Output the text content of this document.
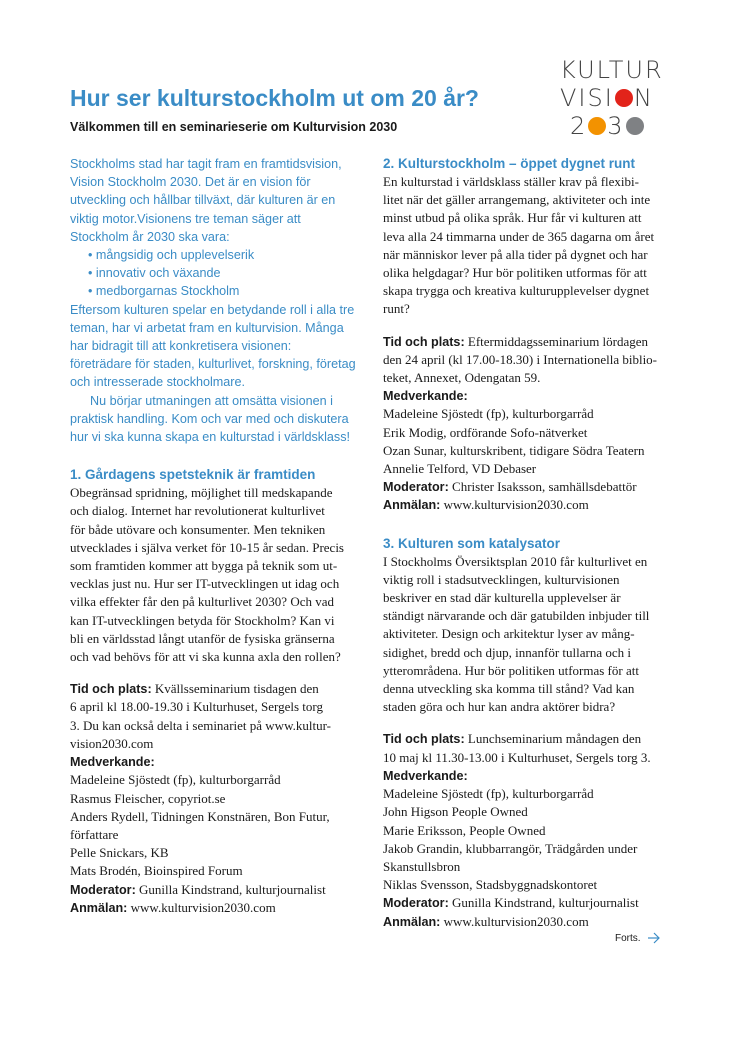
KULTUR
VISI N
2 3
Hur ser kulturstockholm ut om 20 år?

Välkommen till en seminarieserie om Kulturvision 2030

Stockholms stad har tagit fram en framtidsvision,
Vision Stockholm 2030. Det är en vision för
utveckling och hållbar tillväxt, där kulturen är en
viktig motor.Visionens tre teman säger att
Stockholm år 2030 ska vara:
• mångsidig och upplevelserik
• innovativ och växande
• medborgarnas Stockholm
Eftersom kulturen spelar en betydande roll i alla tre
teman, har vi arbetat fram en kulturvision. Många
har bidragit till att konkretisera visionen:
företrädare för staden, kulturlivet, forskning, företag
och intresserade stockholmare.
Nu börjar utmaningen att omsätta visionen i
praktisk handling. Kom och var med och diskutera
hur vi ska kunna skapa en kulturstad i världsklass!
1. Gårdagens spetsteknik är framtiden
Obegränsad spridning, möjlighet till medskapande
och dialog. Internet har revolutionerat kulturlivet
för både utövare och konsumenter. Men tekniken
utvecklades i själva verket för 10-15 år sedan. Precis
som framtiden kommer att bygga på teknik som ut-
vecklas just nu. Hur ser IT-utvecklingen ut idag och
vilka effekter får den på kulturlivet 2030? Och vad
kan IT-utvecklingen betyda för Stockholm? Kan vi
bli en världsstad långt utanför de fysiska gränserna
och vad behövs för att vi ska kunna axla den rollen?
Tid och plats: Kvällsseminarium tisdagen den
6 april kl 18.00-19.30 i Kulturhuset, Sergels torg
3. Du kan också delta i seminariet på www.kultur-
vision2030.com
Medverkande:
Madeleine Sjöstedt (fp), kulturborgarråd
Rasmus Fleischer, copyriot.se
Anders Rydell, Tidningen Konstnären, Bon Futur,
författare
Pelle Snickars, KB
Mats Brodén, Bioinspired Forum
Moderator: Gunilla Kindstrand, kulturjournalist
Anmälan: www.kulturvision2030.com
2. Kulturstockholm – öppet dygnet runt
En kulturstad i världsklass ställer krav på flexibi-
litet när det gäller arrangemang, aktiviteter och inte
minst utbud på olika språk. Hur får vi kulturen att
leva alla 24 timmarna under de 365 dagarna om året
när människor lever på alla tider på dygnet och har
olika helgdagar? Hur bör politiken utformas för att
skapa trygga och kreativa kulturupplevelser dygnet
runt?
Tid och plats: Eftermiddagsseminarium lördagen
den 24 april (kl 17.00-18.30) i Internationella biblio-
teket, Annexet, Odengatan 59.
Medverkande:
Madeleine Sjöstedt (fp), kulturborgarråd
Erik Modig, ordförande Sofo-nätverket
Ozan Sunar, kulturskribent, tidigare Södra Teatern
Annelie Telford, VD Debaser
Moderator: Christer Isaksson, samhällsdebattör
Anmälan: www.kulturvision2030.com
3. Kulturen som katalysator
I Stockholms Översiktsplan 2010 får kulturlivet en
viktig roll i stadsutvecklingen, kulturvisionen
beskriver en stad där kulturella upplevelser är
ständigt närvarande och där gatubilden inbjuder till
aktiviteter. Design och arkitektur lyser av mång-
sidighet, bredd och djup, innanför tullarna och i
ytterområdena. Hur bör politiken utformas för att
denna utveckling ska komma till stånd? Vad kan
staden göra och hur kan andra aktörer bidra?
Tid och plats: Lunchseminarium måndagen den
10 maj kl 11.30-13.00 i Kulturhuset, Sergels torg 3.
Medverkande:
Madeleine Sjöstedt (fp), kulturborgarråd
John Higson People Owned
Marie Eriksson, People Owned
Jakob Grandin, klubbarrangör, Trädgården under
Skanstullsbron
Niklas Svensson, Stadsbyggnadskontoret
Moderator: Gunilla Kindstrand, kulturjournalist
Anmälan: www.kulturvision2030.com
Forts.
